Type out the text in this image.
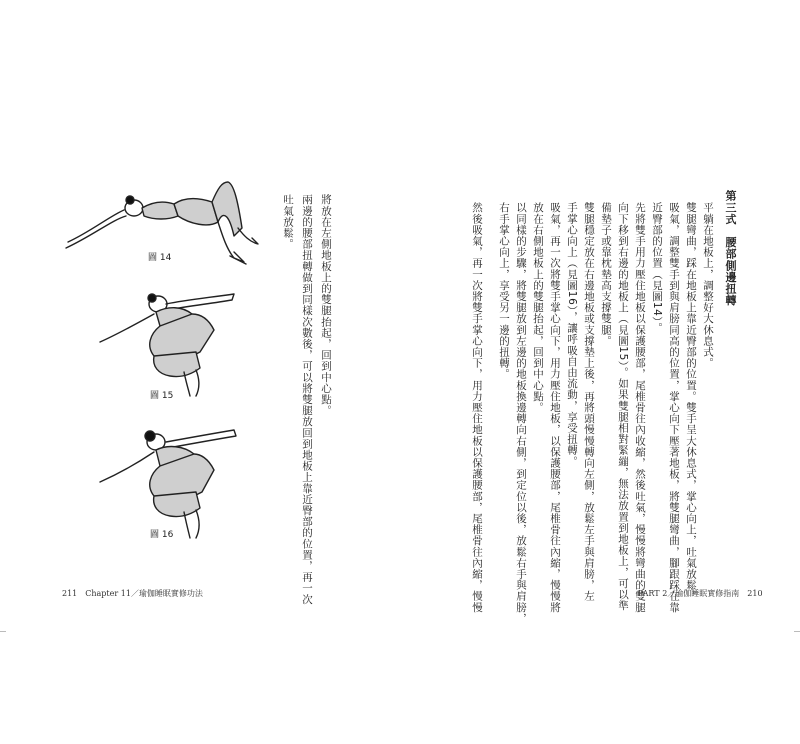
圖 14
圖 15
圖 16
將放在左側地板上的雙腿抬起，回到中心點。
兩邊的腰部扭轉做到同樣次數後，可以將雙腿放回到地板上靠近臀部的位置，再一次
吐氣放鬆。
211　Chapter 11／瑜伽睡眠實修功法
第三式　腰部側邊扭轉
平躺在地板上，調整好大休息式。
雙腿彎曲，踩在地板上靠近臀部的位置。雙手呈大休息式，掌心向上，吐氣放鬆。
吸氣，調整雙手到與肩膀同高的位置，掌心向下壓著地板，將雙腿彎曲，腳跟踩在靠
近臀部的位置（見圖14）。
先將雙手用力壓住地板以保護腰部，尾椎骨往內收縮，然後吐氣，慢慢將彎曲的雙腿
向下移到右邊的地板上（見圖15）。如果雙腿相對緊繃，無法放置到地板上，可以準
備墊子或靠枕墊高支撐雙腿。
雙腿穩定放在右邊地板或支撐墊上後，再將頭慢慢轉向左側，放鬆左手與肩膀，左
手掌心向上（見圖16），讓呼吸自由流動，享受扭轉。
吸氣，再一次將雙手掌心向下，用力壓住地板，以保護腰部，尾椎骨往內縮，慢慢將
放在右側地板上的雙腿抬起，回到中心點。
以同樣的步驟，將雙腿放到左邊的地板換邊轉向右側，到定位以後，放鬆右手與肩膀，
右手掌心向上，享受另一邊的扭轉。
然後吸氣，再一次將雙手掌心向下，用力壓住地板以保護腰部，尾椎骨往內縮，慢慢	PART 2／瑜伽睡眠實修指南　210
